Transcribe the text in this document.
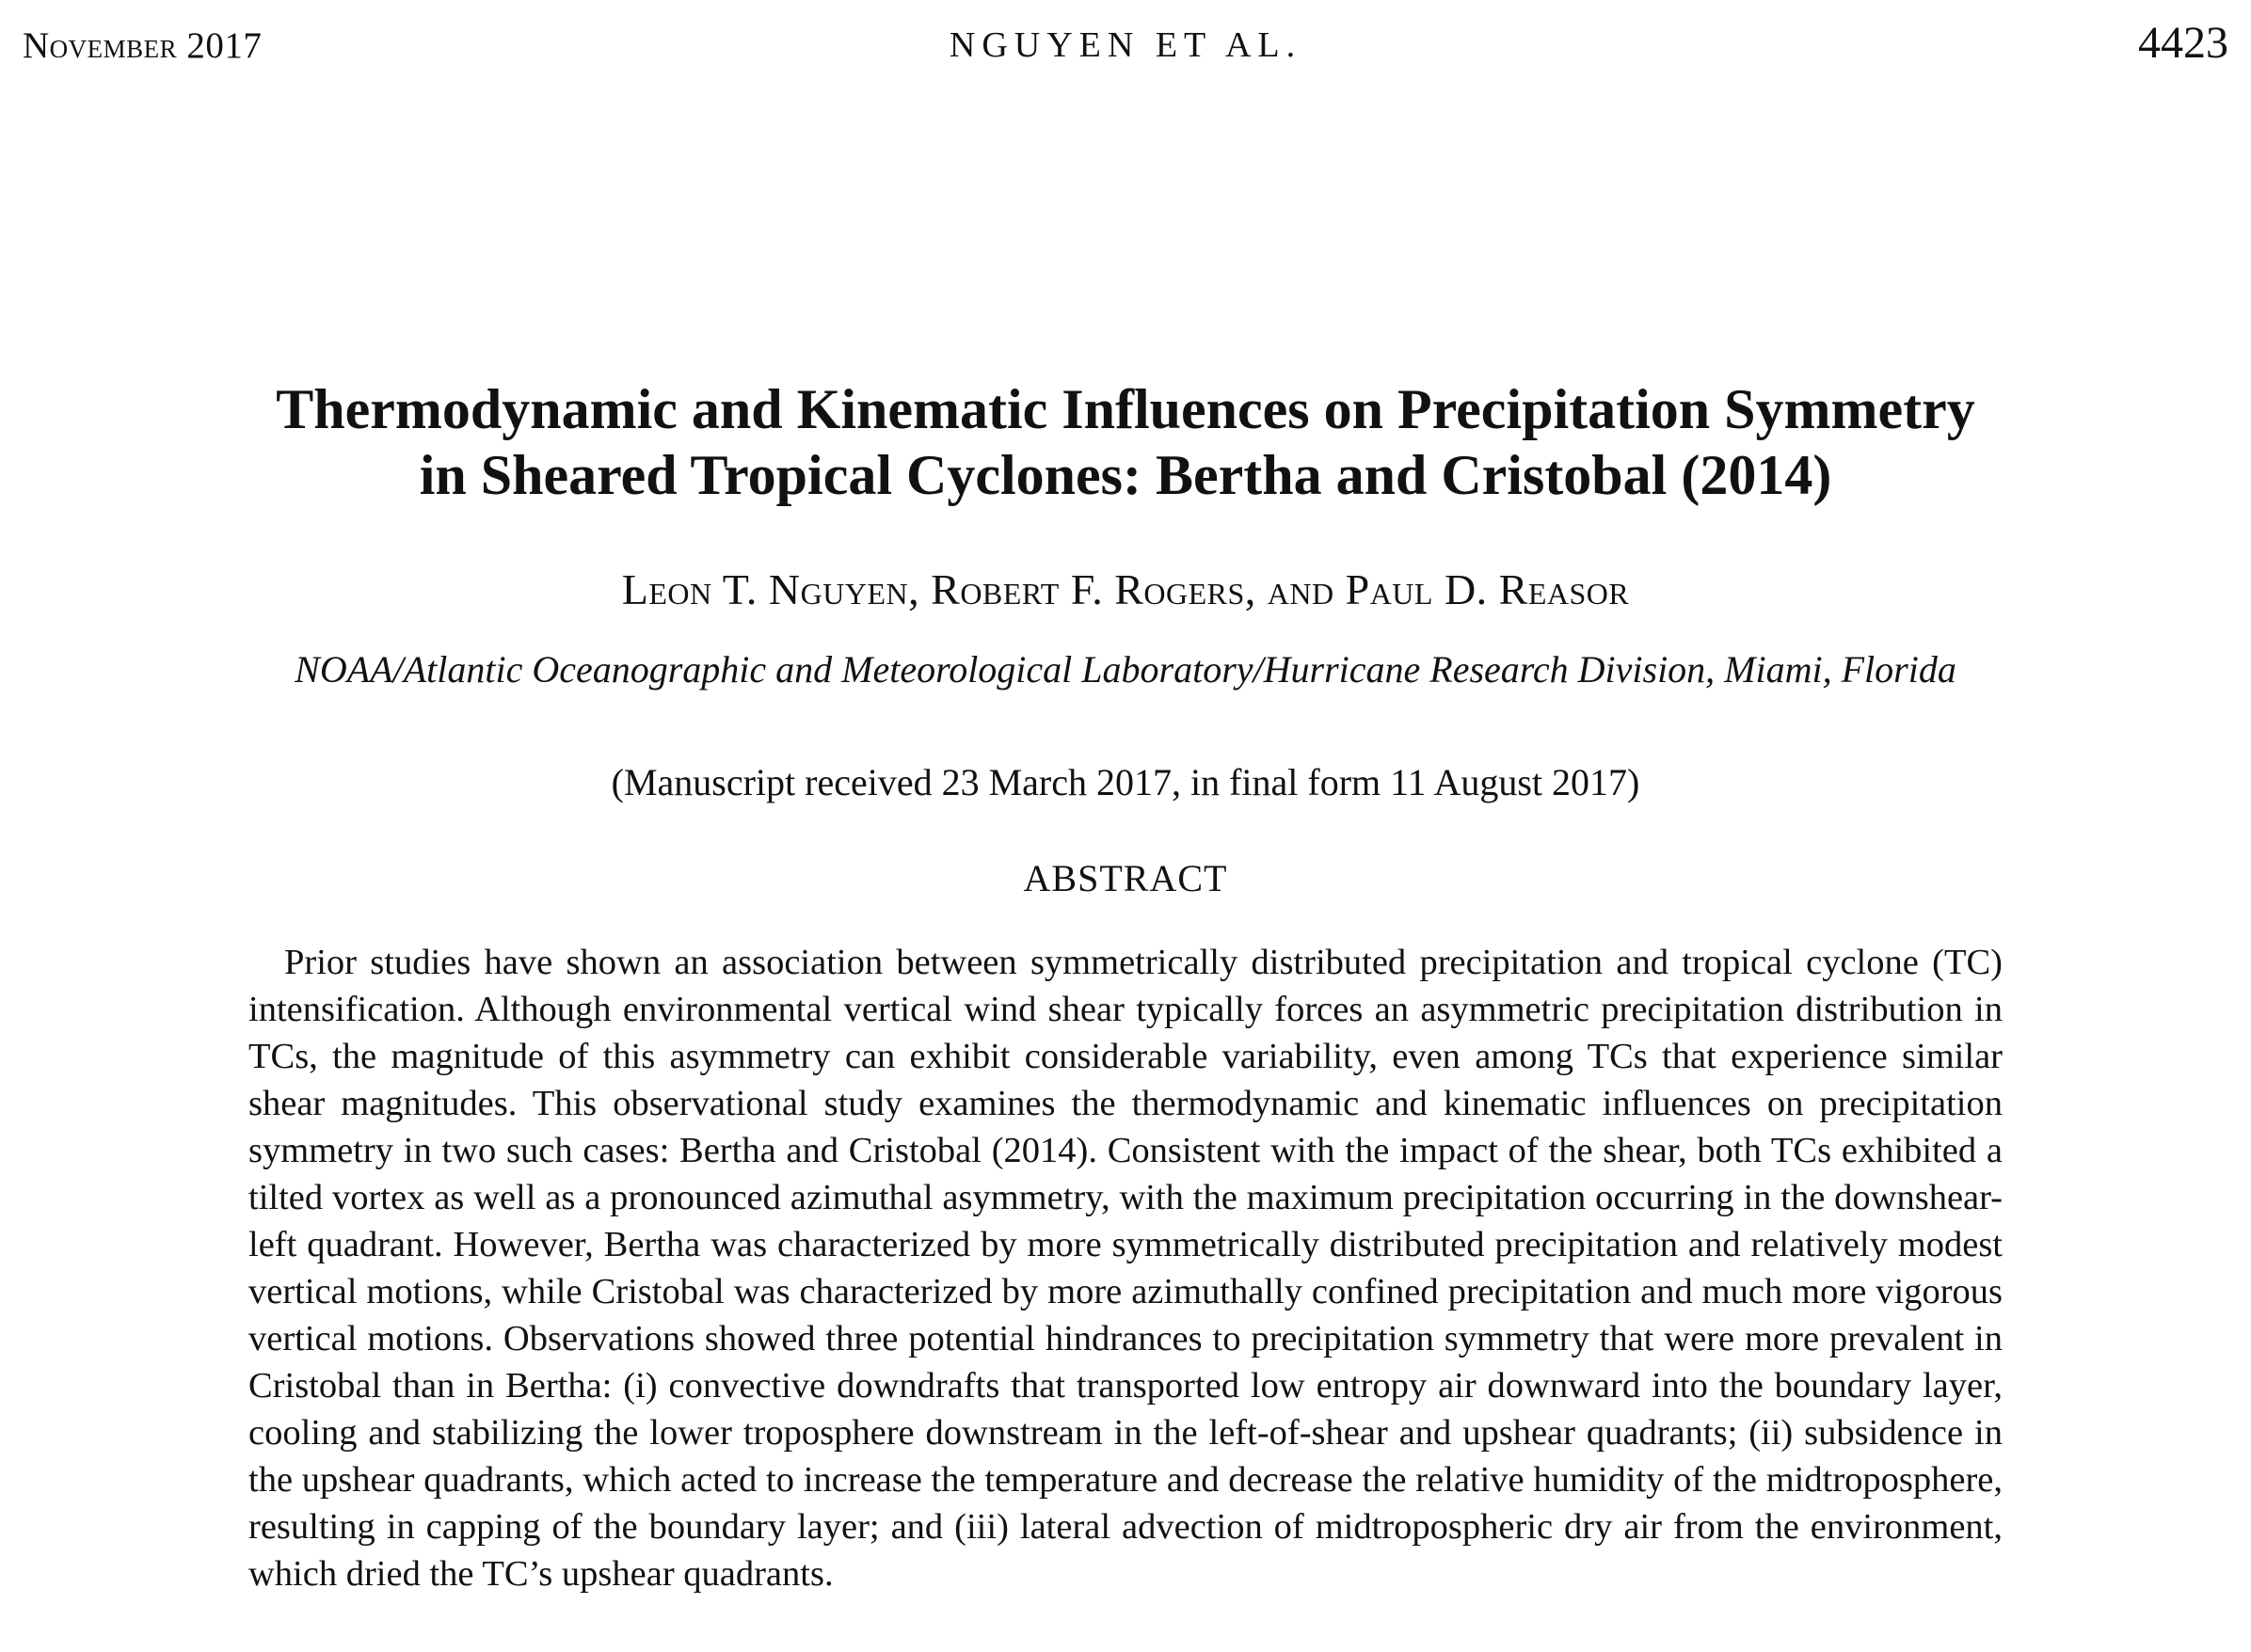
November 2017	NGUYEN ET AL.	4423
Thermodynamic and Kinematic Influences on Precipitation Symmetry
in Sheared Tropical Cyclones: Bertha and Cristobal (2014)
Leon T. Nguyen, Robert F. Rogers, and Paul D. Reasor
NOAA/Atlantic Oceanographic and Meteorological Laboratory/Hurricane Research Division, Miami, Florida
(Manuscript received 23 March 2017, in final form 11 August 2017)
ABSTRACT
Prior studies have shown an association between symmetrically distributed precipitation and tropical cyclone (TC) intensification. Although environmental vertical wind shear typically forces an asymmetric precipitation distribution in TCs, the magnitude of this asymmetry can exhibit considerable variability, even among TCs that experience similar shear magnitudes. This observational study examines the thermodynamic and kinematic influences on precipitation symmetry in two such cases: Bertha and Cristobal (2014). Consistent with the impact of the shear, both TCs exhibited a tilted vortex as well as a pronounced azimuthal asymmetry, with the maximum precipitation occurring in the downshear-left quadrant. However, Bertha was characterized by more symmetrically distributed precipitation and relatively modest vertical motions, while Cristobal was characterized by more azimuthally confined precipitation and much more vigorous vertical motions. Observations showed three potential hindrances to precipitation symmetry that were more prevalent in Cristobal than in Bertha: (i) convective downdrafts that transported low entropy air downward into the boundary layer, cooling and stabilizing the lower troposphere downstream in the left-of-shear and upshear quadrants; (ii) subsidence in the upshear quadrants, which acted to increase the temperature and decrease the relative humidity of the midtroposphere, resulting in capping of the boundary layer; and (iii) lateral advection of midtropospheric dry air from the environment, which dried the TC’s upshear quadrants.
